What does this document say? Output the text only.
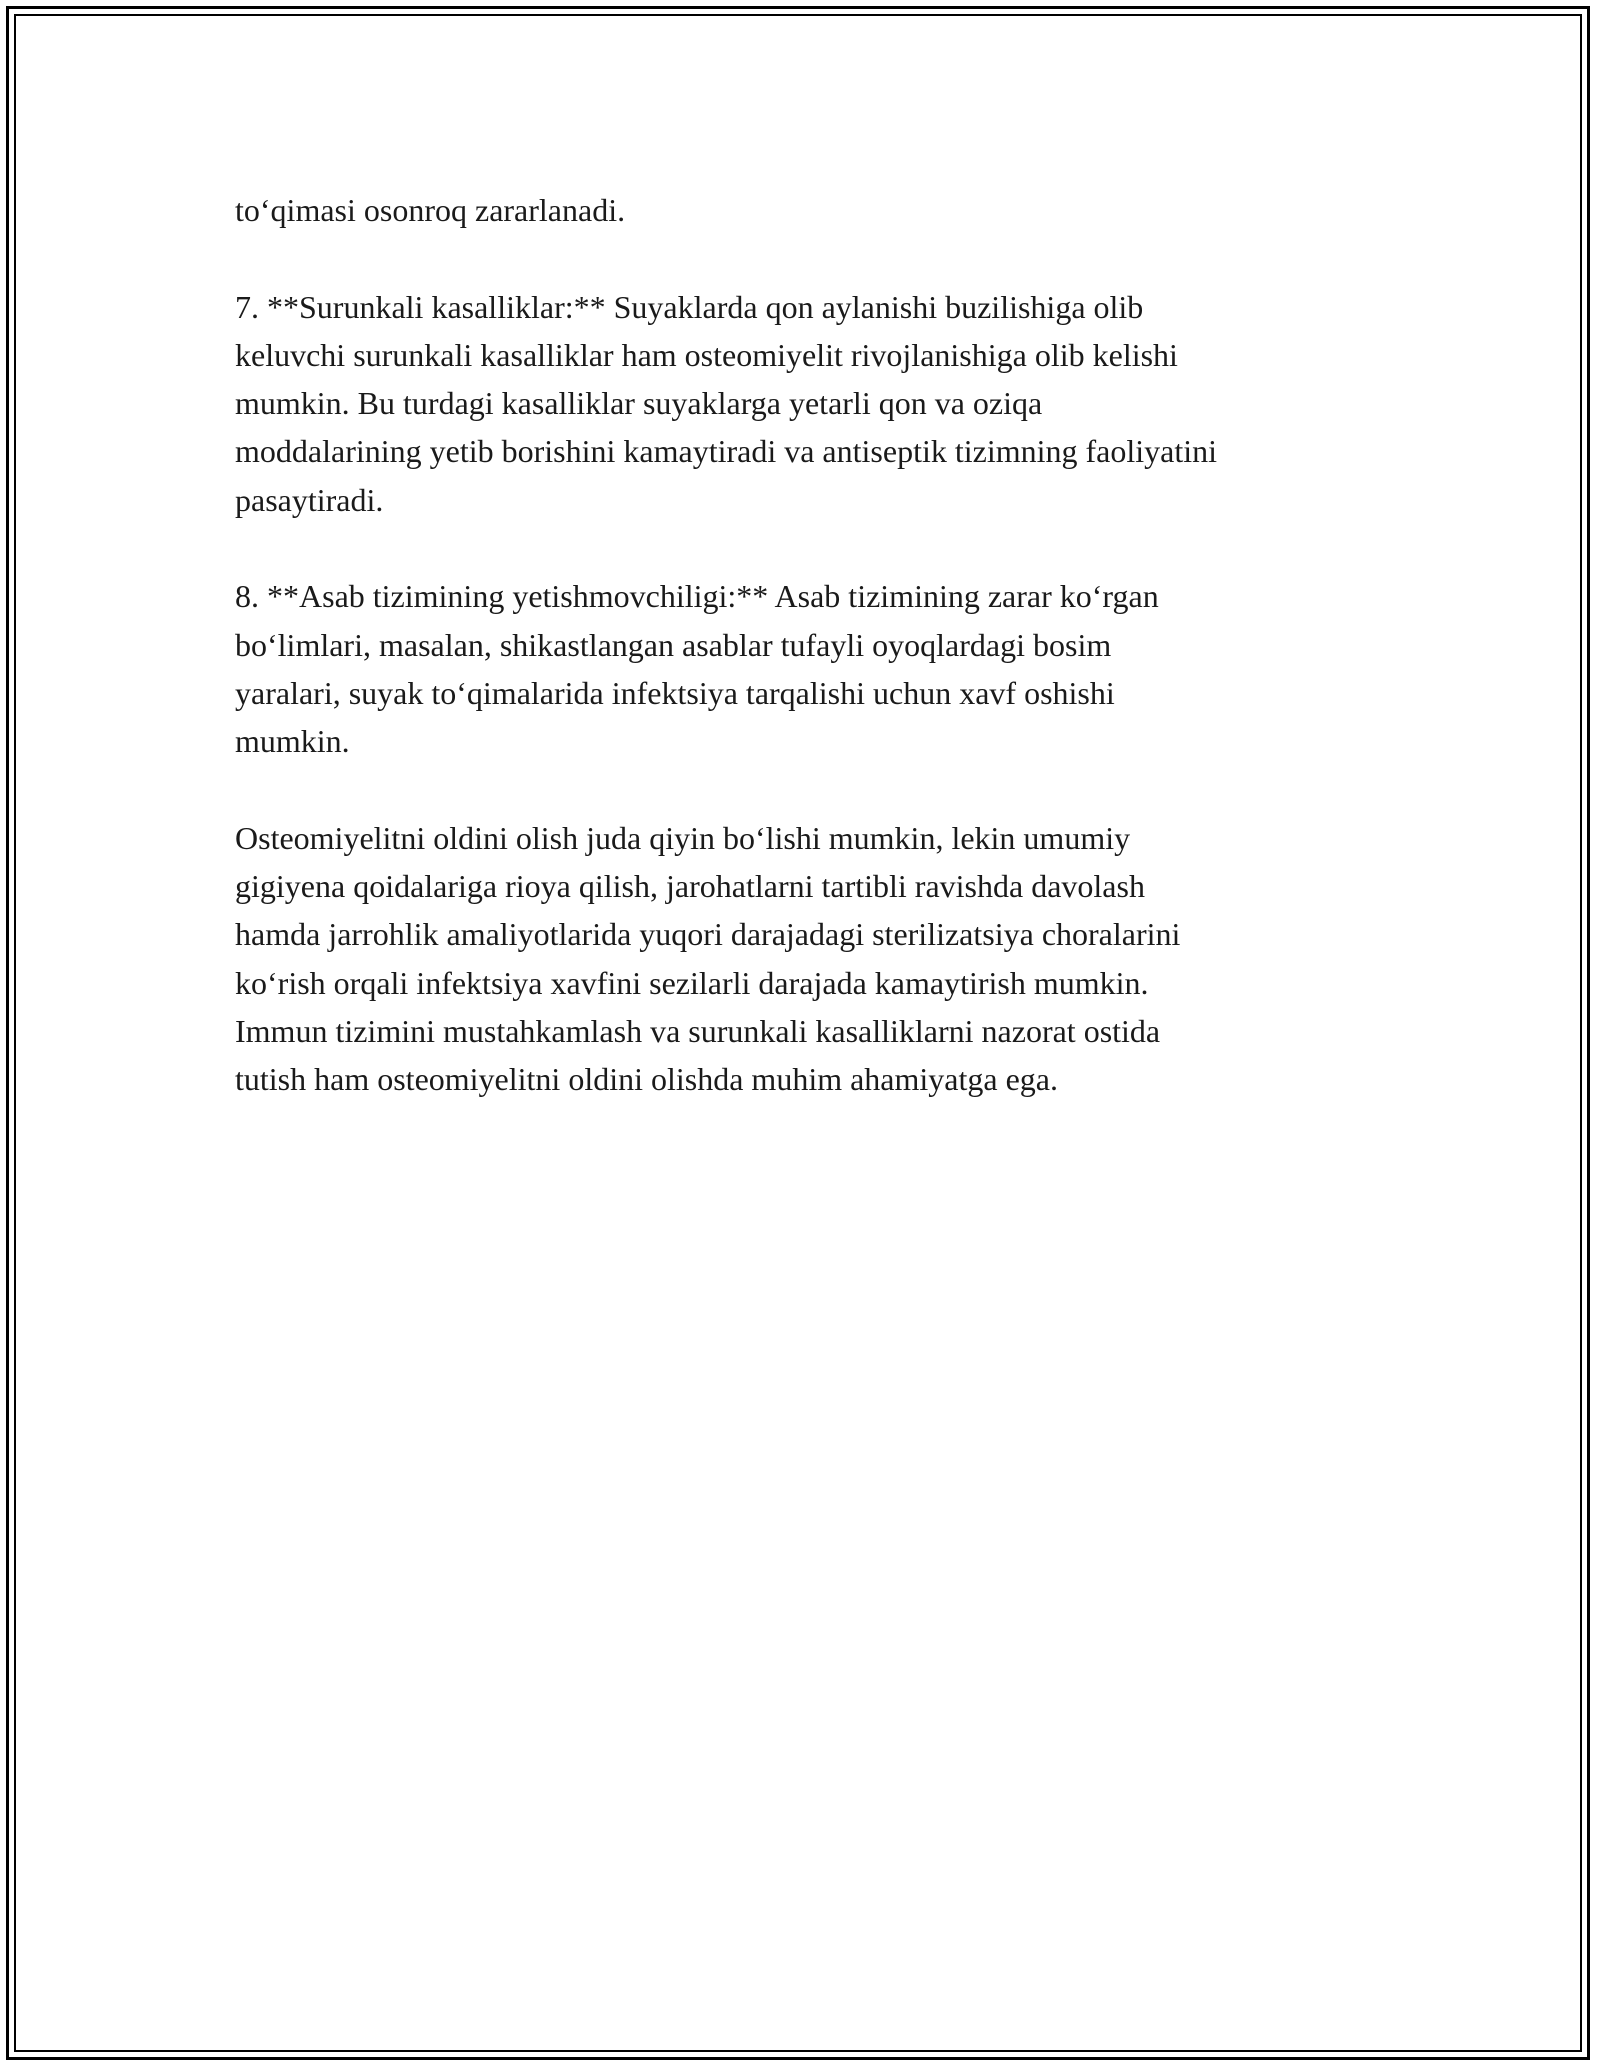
to‘qimasi osonroq zararlanadi.

7. **Surunkali kasalliklar:** Suyaklarda qon aylanishi buzilishiga olib
keluvchi surunkali kasalliklar ham osteomiyelit rivojlanishiga olib kelishi
mumkin. Bu turdagi kasalliklar suyaklarga yetarli qon va oziqa
moddalarining yetib borishini kamaytiradi va antiseptik tizimning faoliyatini
pasaytiradi.

8. **Asab tizimining yetishmovchiligi:** Asab tizimining zarar ko‘rgan
bo‘limlari, masalan, shikastlangan asablar tufayli oyoqlardagi bosim
yaralari, suyak to‘qimalarida infektsiya tarqalishi uchun xavf oshishi
mumkin.

Osteomiyelitni oldini olish juda qiyin bo‘lishi mumkin, lekin umumiy
gigiyena qoidalariga rioya qilish, jarohatlarni tartibli ravishda davolash
hamda jarrohlik amaliyotlarida yuqori darajadagi sterilizatsiya choralarini
ko‘rish orqali infektsiya xavfini sezilarli darajada kamaytirish mumkin.
Immun tizimini mustahkamlash va surunkali kasalliklarni nazorat ostida
tutish ham osteomiyelitni oldini olishda muhim ahamiyatga ega.
